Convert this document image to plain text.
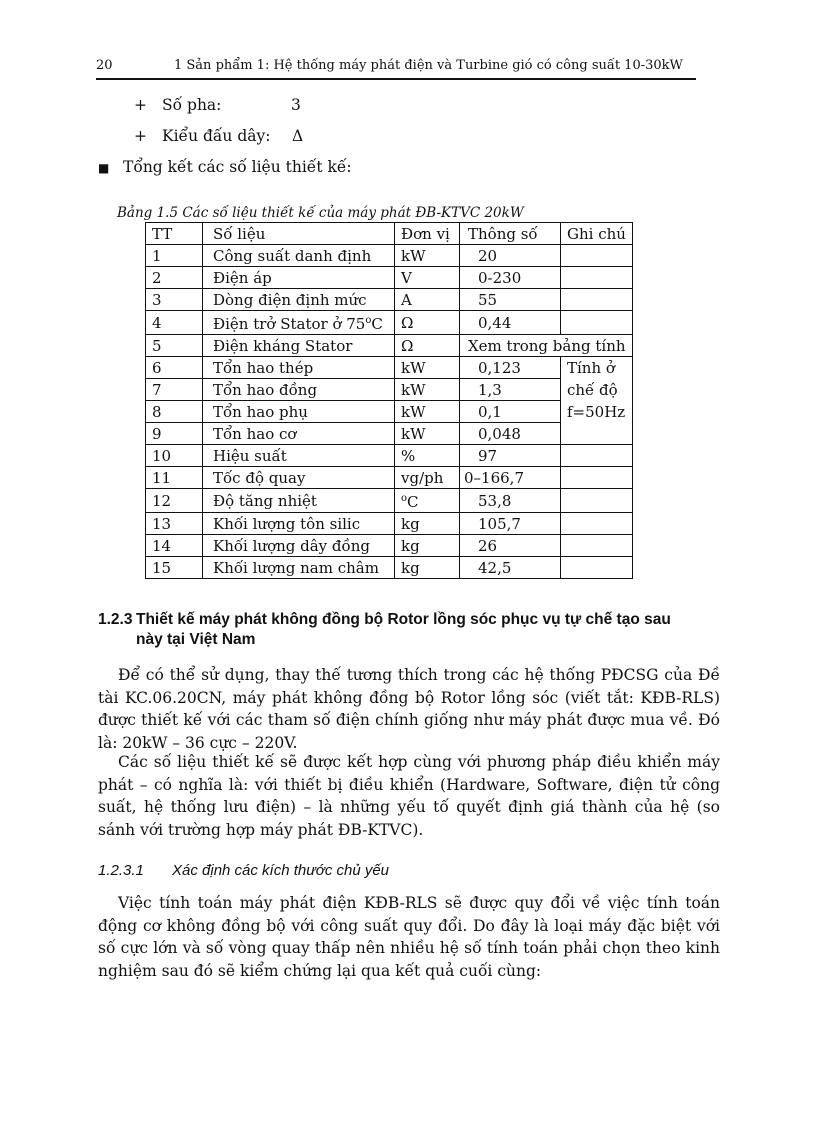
20	1 Sản phẩm 1: Hệ thống máy phát điện và Turbine gió có công suất 10-30kW
+ Số pha:	3
+ Kiểu đấu dây: Δ
■ Tổng kết các số liệu thiết kế:
Bảng 1.5 Các số liệu thiết kế của máy phát ĐB-KTVC 20kW
TT	Số liệu	Đơn vị	Thông số	Ghi chú
1	Công suất danh định	kW	20	
2	Điện áp	V	0-230	
3	Dòng điện định mức	A	55	
4	Điện trở Stator ở 75$^o$C	Ω	0,44	
5	Điện kháng Stator	Ω	Xem trong bảng tính	
6	Tổn hao thép	kW	0,123	Tính ở
chế độ
f=50Hz

7	Tổn hao đồng	kW	1,3	
8	Tổn hao phụ	kW	0,1	
9	Tổn hao cơ	kW	0,048	
10	Hiệu suất	%	97	
11	Tốc độ quay	vg/ph	0–166,7	
12	Độ tăng nhiệt	$^o$C	53,8	
13	Khối lượng tôn silic	kg	105,7	
14	Khối lượng dây đồng	kg	26	
15	Khối lượng nam châm	kg	42,5	
1.2.3 Thiết kế máy phát không đồng bộ Rotor lồng sóc phục vụ tự chế tạo sau
này tại Việt Nam

Để có thể sử dụng, thay thế tương thích trong các hệ thống PĐCSG của Đề tài KC.06.20CN, máy phát không đồng bộ Rotor lồng sóc (viết tắt: KĐB-RLS) được thiết kế với các tham số điện chính giống như máy phát được mua về. Đó là: 20kW – 36 cực – 220V.

Các số liệu thiết kế sẽ được kết hợp cùng với phương pháp điều khiển máy phát – có nghĩa là: với thiết bị điều khiển (Hardware, Software, điện tử công suất, hệ thống lưu điện) – là những yếu tố quyết định giá thành của hệ (so sánh với trường hợp máy phát ĐB-KTVC).

1.2.3.1 Xác định các kích thước chủ yếu

Việc tính toán máy phát điện KĐB-RLS sẽ được quy đổi về việc tính toán động cơ không đồng bộ với công suất quy đổi. Do đây là loại máy đặc biệt với số cực lớn và số vòng quay thấp nên nhiều hệ số tính toán phải chọn theo kinh nghiệm sau đó sẽ kiểm chứng lại qua kết quả cuối cùng:
